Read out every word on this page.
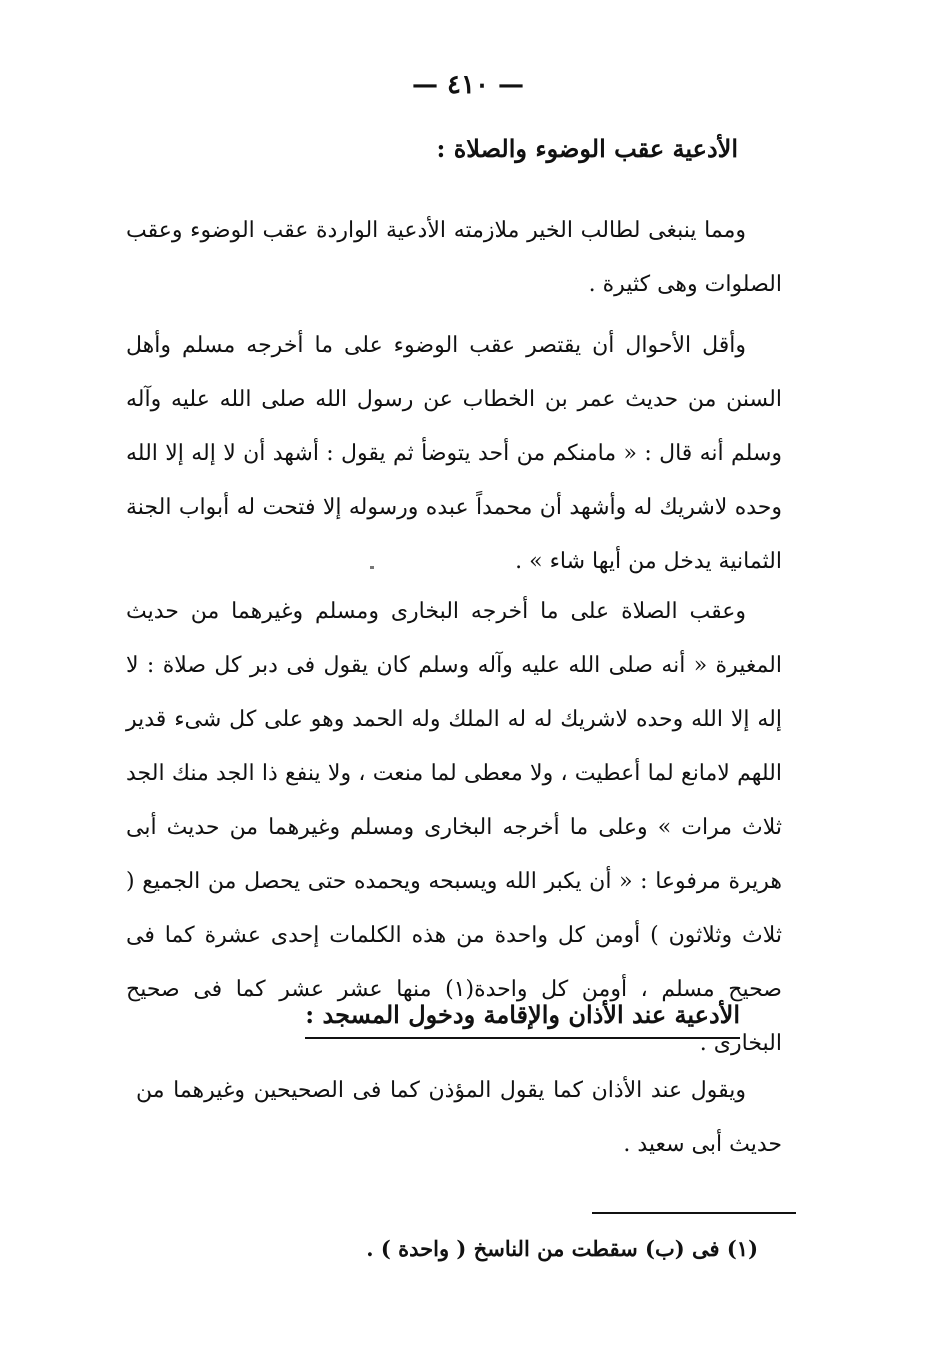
— ٤١٠ —
الأدعية عقب الوضوء والصلاة :
ومما ينبغى لطالب الخير ملازمته الأدعية الواردة عقب الوضوء وعقب الصلوات وهى كثيرة .
وأقل الأحوال أن يقتصر عقب الوضوء على ما أخرجه مسلم وأهل السنن من حديث عمر بن الخطاب عن رسول الله صلى الله عليه وآله وسلم أنه قال : « مامنكم من أحد يتوضأ ثم يقول : أشهد أن لا إله إلا الله وحده لاشريك له وأشهد أن محمداً عبده ورسوله إلا فتحت له أبواب الجنة الثمانية يدخل من أيها شاء » .
وعقب الصلاة على ما أخرجه البخارى ومسلم وغيرهما من حديث المغيرة « أنه صلى الله عليه وآله وسلم كان يقول فى دبر كل صلاة : لا إله إلا الله وحده لاشريك له له الملك وله الحمد وهو على كل شىء قدير اللهم لامانع لما أعطيت ، ولا معطى لما منعت ، ولا ينفع ذا الجد منك الجد ثلاث مرات » وعلى ما أخرجه البخارى ومسلم وغيرهما من حديث أبى هريرة مرفوعا : « أن يكبر الله ويسبحه ويحمده حتى يحصل من الجميع ( ثلاث وثلاثون ) أومن كل واحدة من هذه الكلمات إحدى عشرة كما فى صحيح مسلم ، أومن كل واحدة(١) منها عشر عشر كما فى صحيح البخارى .
الأدعية عند الأذان والإقامة ودخول المسجد :
ويقول عند الأذان كما يقول المؤذن كما فى الصحيحين وغيرهما من حديث أبى سعيد .
(١) فى (ب) سقطت من الناسخ ( واحدة ) .
